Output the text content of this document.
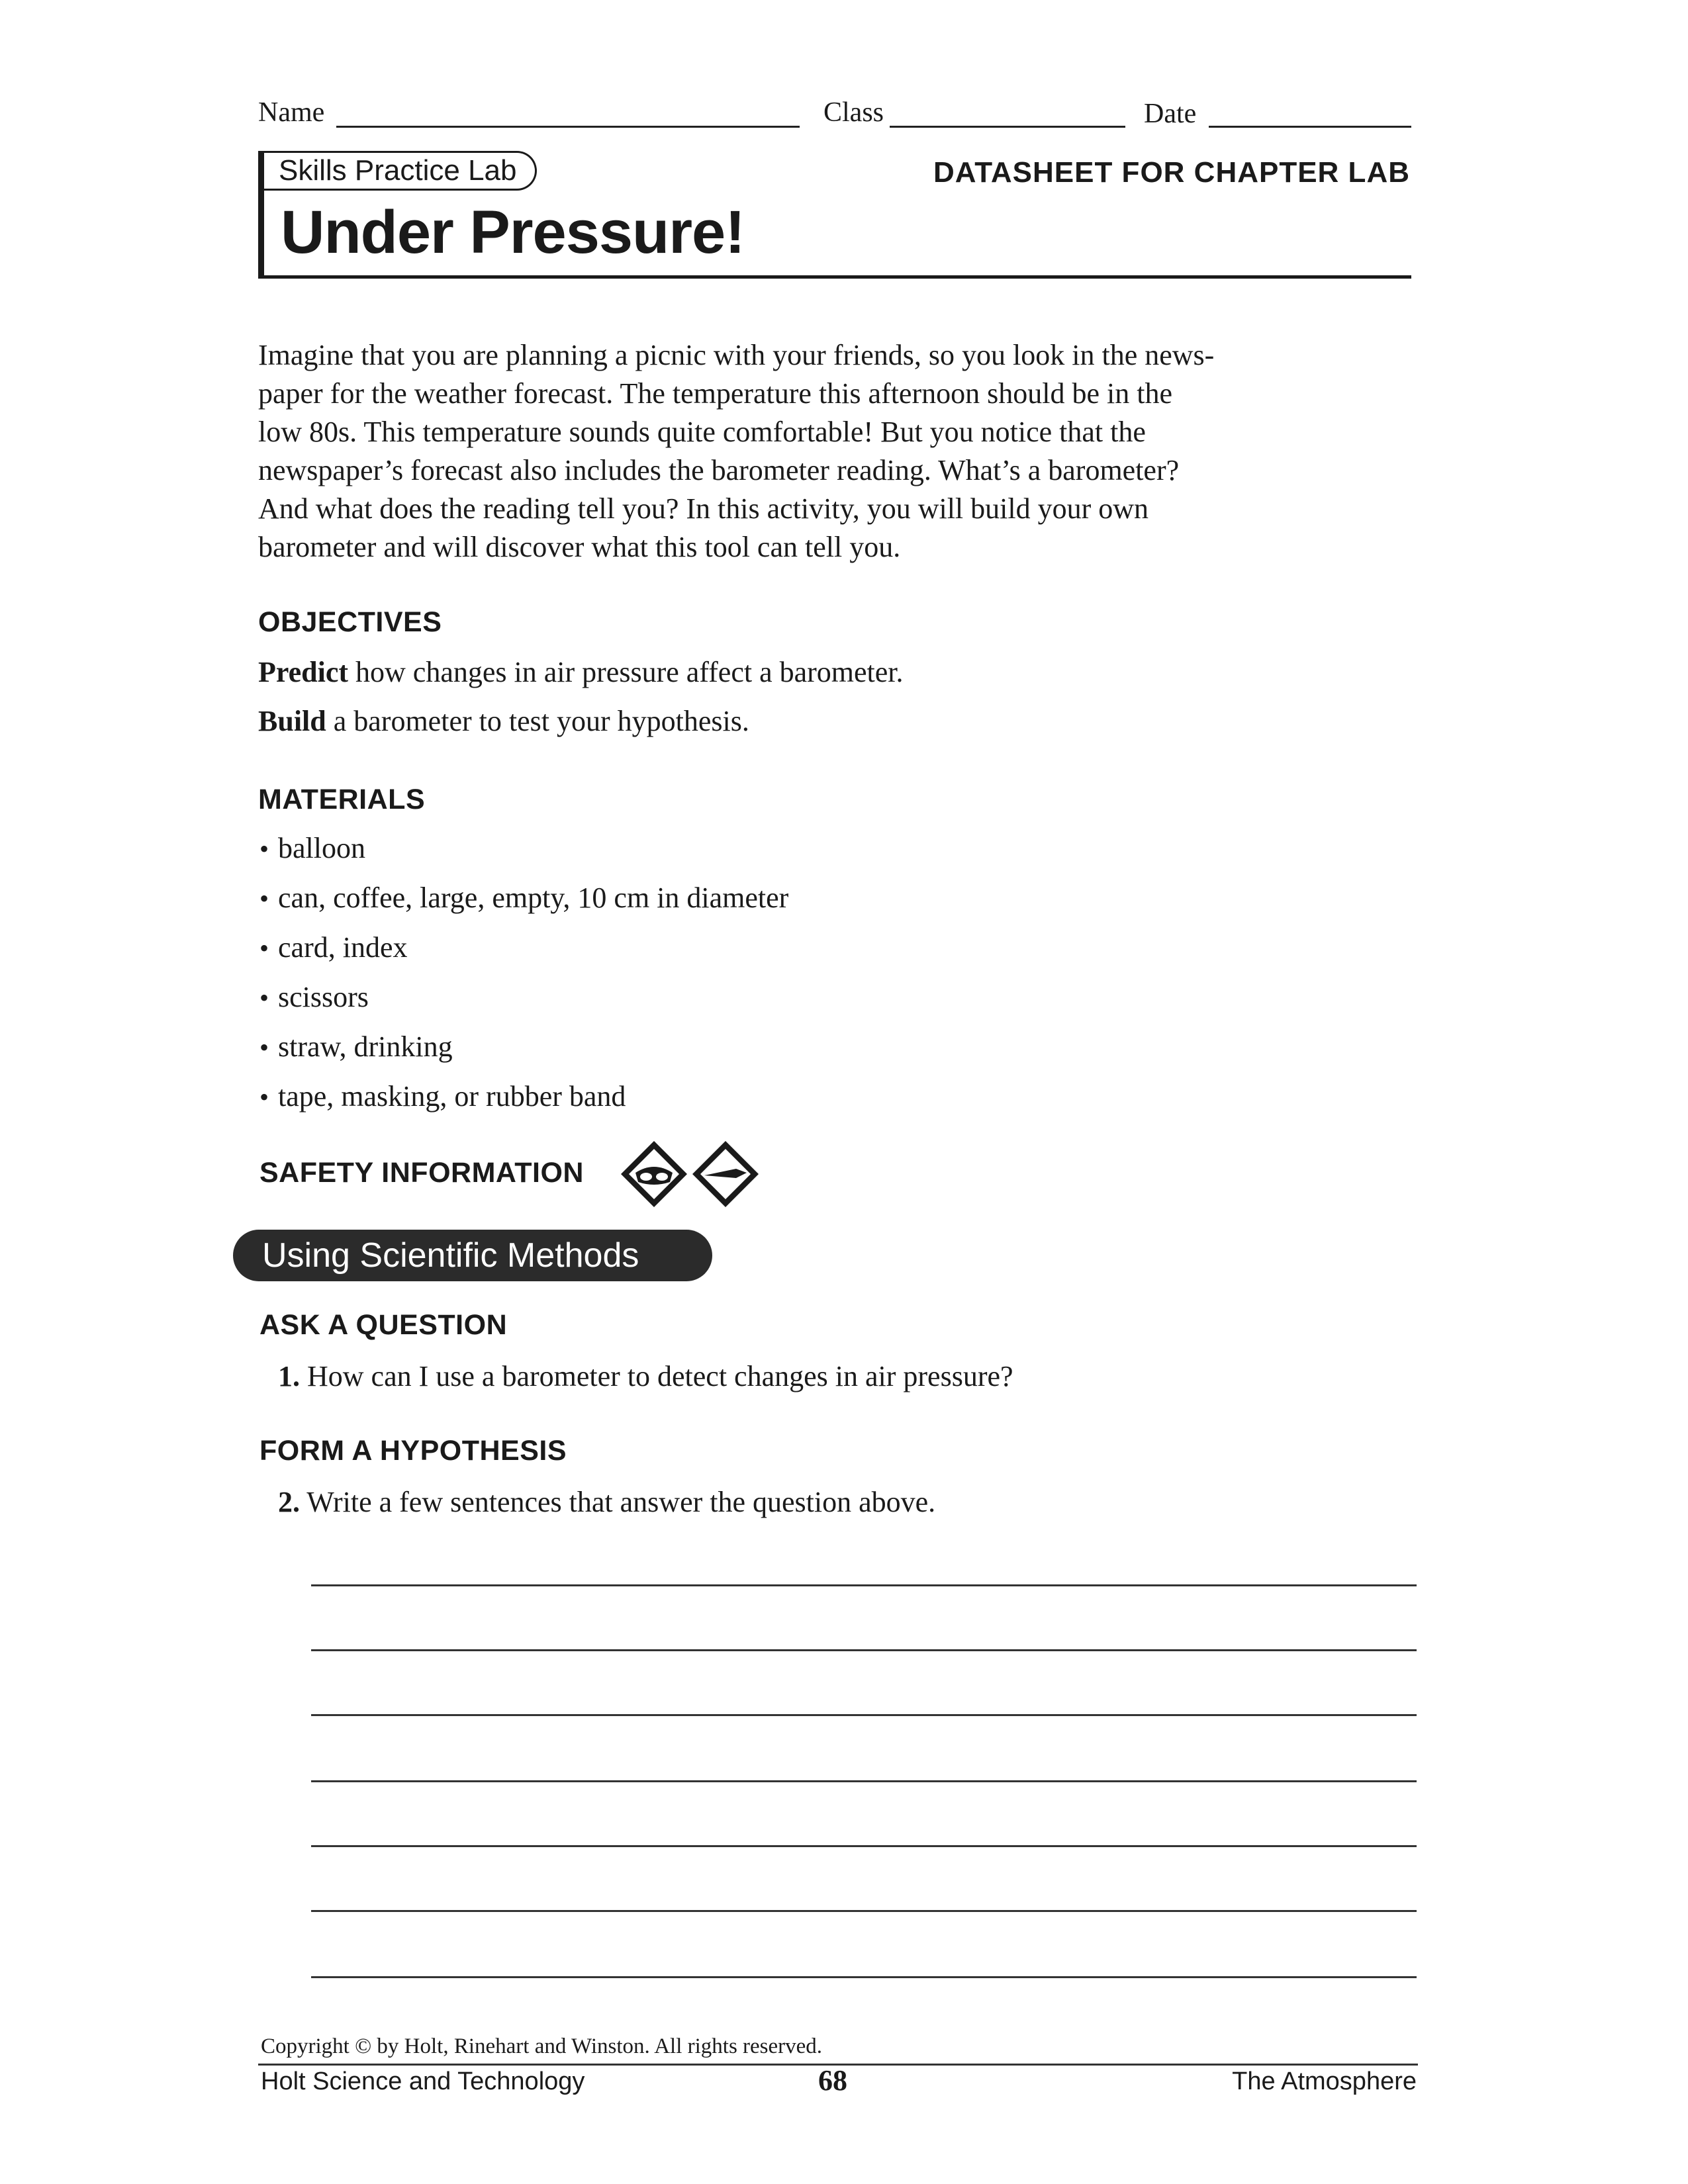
Name	Class	Date
Skills Practice Lab	DATASHEET FOR CHAPTER LAB
Under Pressure!
Imagine that you are planning a picnic with your friends, so you look in the news-
paper for the weather forecast. The temperature this afternoon should be in the
low 80s. This temperature sounds quite comfortable! But you notice that the
newspaper’s forecast also includes the barometer reading. What’s a barometer?
And what does the reading tell you? In this activity, you will build your own
barometer and will discover what this tool can tell you.
OBJECTIVES
Predict how changes in air pressure affect a barometer.
Build a barometer to test your hypothesis.
MATERIALS
• balloon
• can, coffee, large, empty, 10 cm in diameter
• card, index
• scissors
• straw, drinking
• tape, masking, or rubber band
SAFETY INFORMATION
Using Scientific Methods
ASK A QUESTION
1. How can I use a barometer to detect changes in air pressure?
FORM A HYPOTHESIS
2. Write a few sentences that answer the question above.
Copyright © by Holt, Rinehart and Winston. All rights reserved.
Holt Science and Technology	68	The Atmosphere
